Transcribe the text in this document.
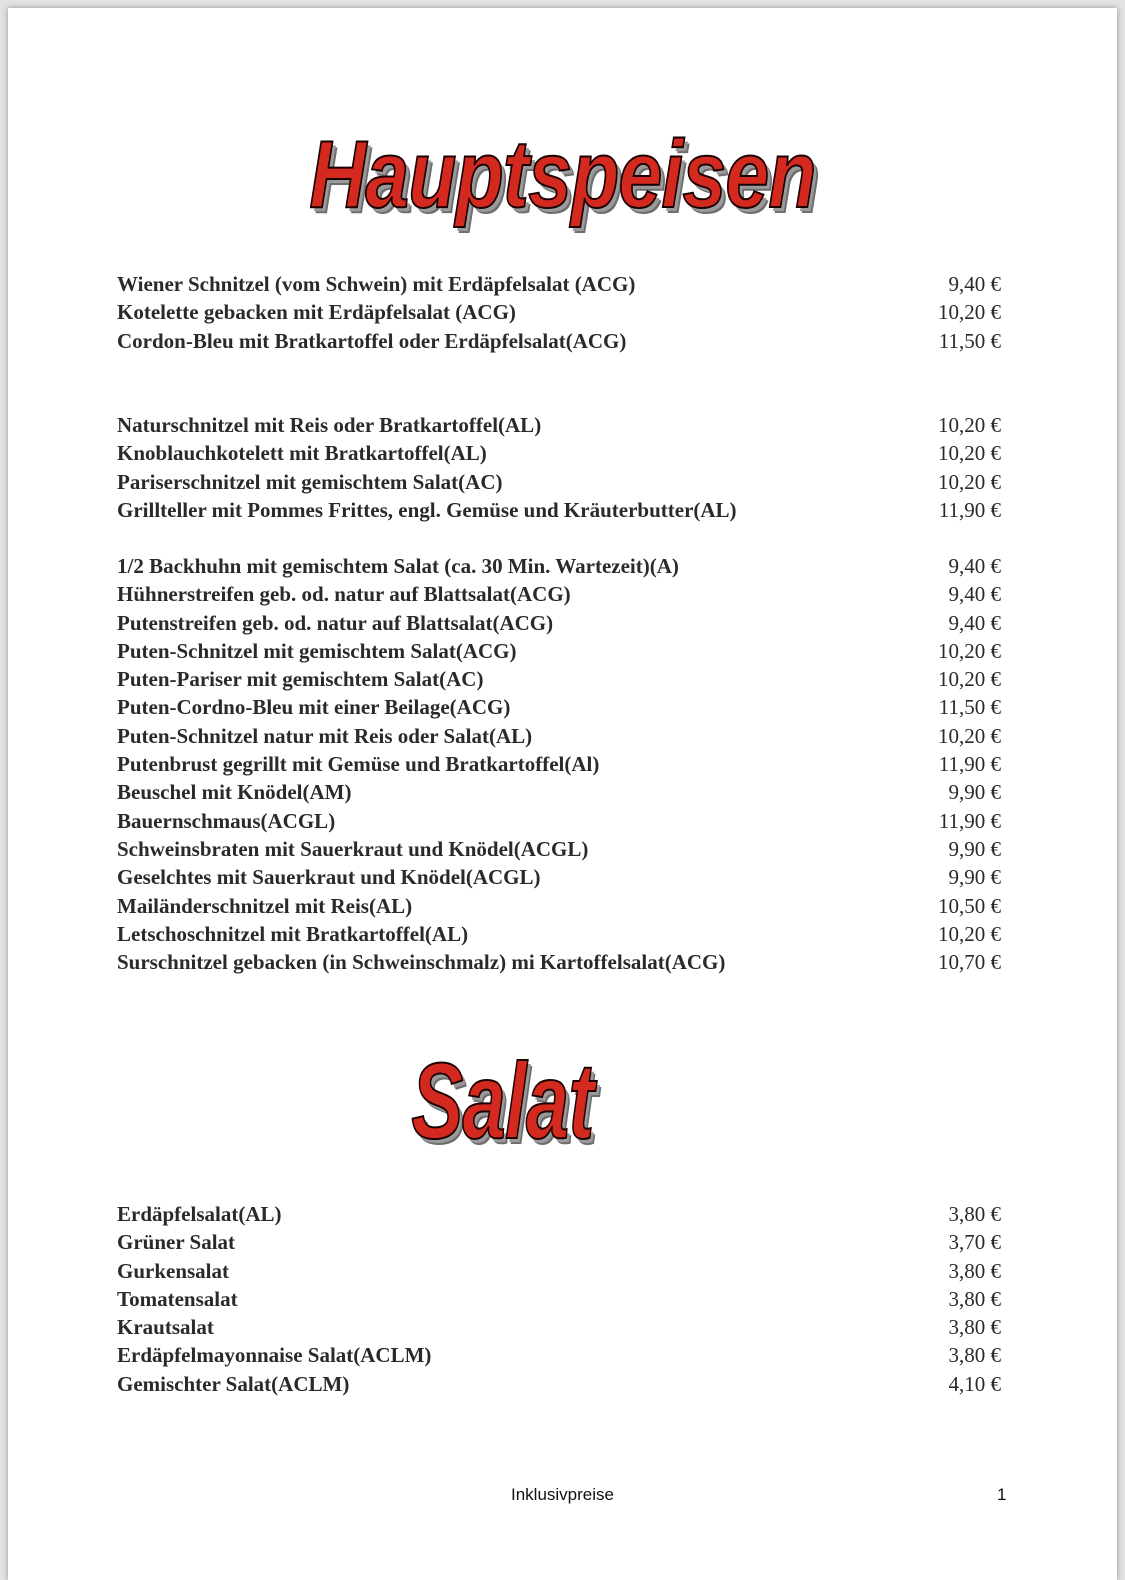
Hauptspeisen
Wiener Schnitzel (vom Schwein) mit Erdäpfelsalat (ACG)	9,40 €
Kotelette gebacken mit Erdäpfelsalat (ACG)	10,20 €
Cordon-Bleu mit Bratkartoffel oder Erdäpfelsalat(ACG)	11,50 €
Naturschnitzel mit Reis oder Bratkartoffel(AL)	10,20 €
Knoblauchkotelett mit Bratkartoffel(AL)	10,20 €
Pariserschnitzel mit gemischtem Salat(AC)	10,20 €
Grillteller mit Pommes Frittes, engl. Gemüse und Kräuterbutter(AL)	11,90 €
1/2 Backhuhn mit gemischtem Salat (ca. 30 Min. Wartezeit)(A)	9,40 €
Hühnerstreifen geb. od. natur auf Blattsalat(ACG)	9,40 €
Putenstreifen geb. od. natur auf Blattsalat(ACG)	9,40 €
Puten-Schnitzel mit gemischtem Salat(ACG)	10,20 €
Puten-Pariser mit gemischtem Salat(AC)	10,20 €
Puten-Cordno-Bleu mit einer Beilage(ACG)	11,50 €
Puten-Schnitzel natur mit Reis oder Salat(AL)	10,20 €
Putenbrust gegrillt mit Gemüse und Bratkartoffel(Al)	11,90 €
Beuschel mit Knödel(AM)	9,90 €
Bauernschmaus(ACGL)	11,90 €
Schweinsbraten mit Sauerkraut und Knödel(ACGL)	9,90 €
Geselchtes mit Sauerkraut und Knödel(ACGL)	9,90 €
Mailänderschnitzel mit Reis(AL)	10,50 €
Letschoschnitzel mit Bratkartoffel(AL)	10,20 €
Surschnitzel gebacken (in Schweinschmalz) mi Kartoffelsalat(ACG)	10,70 €
Salat
Erdäpfelsalat(AL)	3,80 €
Grüner Salat	3,70 €
Gurkensalat	3,80 €
Tomatensalat	3,80 €
Krautsalat	3,80 €
Erdäpfelmayonnaise Salat(ACLM)	3,80 €
Gemischter Salat(ACLM)	4,10 €
Inklusivpreise	1
